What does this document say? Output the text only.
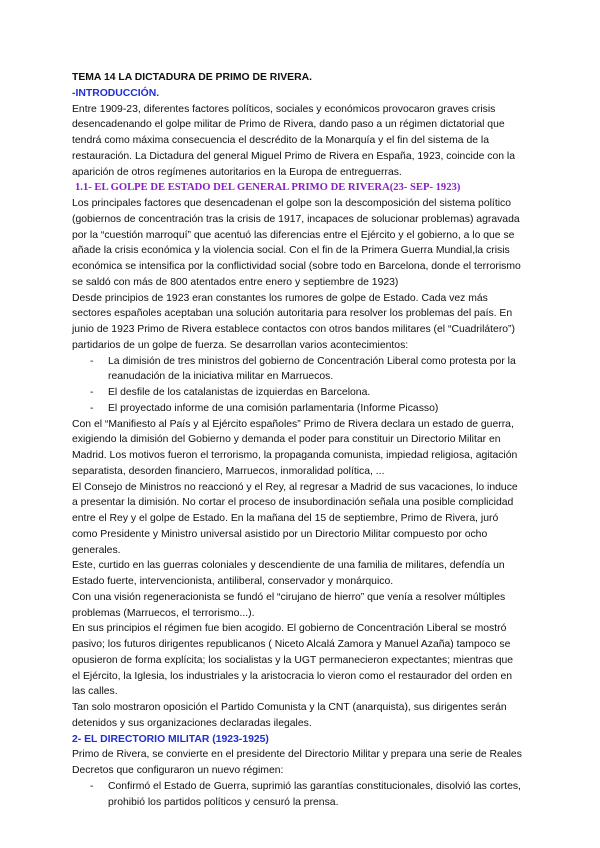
TEMA 14 LA DICTADURA DE PRIMO DE RIVERA.

-INTRODUCCIÓN.

Entre 1909-23, diferentes factores políticos, sociales y económicos provocaron graves crisis desencadenando el golpe militar de Primo de Rivera, dando paso a un régimen dictatorial que tendrá como máxima consecuencia el descrédito de la Monarquía y el fin del sistema de la restauración. La Dictadura del general Miguel Primo de Rivera en España, 1923, coincide con la aparición de otros regímenes autoritarios en la Europa de entreguerras.

1.1- EL GOLPE DE ESTADO DEL GENERAL PRIMO DE RIVERA(23- SEP- 1923)

Los principales factores que desencadenan el golpe son la descomposición del sistema político (gobiernos de concentración tras la crisis de 1917, incapaces de solucionar problemas) agravada por la “cuestión marroquí” que acentuó las diferencias entre el Ejército y el gobierno, a lo que se añade la crisis económica y la violencia social. Con el fin de la Primera Guerra Mundial,la crisis económica se intensifica por la conflictividad social (sobre todo en Barcelona, donde el terrorismo se saldó con más de 800 atentados entre enero y septiembre de 1923)

Desde principios de 1923 eran constantes los rumores de golpe de Estado. Cada vez más sectores españoles aceptaban una solución autoritaria para resolver los problemas del país. En junio de 1923 Primo de Rivera establece contactos con otros bandos militares (el “Cuadrilátero”) partidarios de un golpe de fuerza. Se desarrollan varios acontecimientos:

- La dimisión de tres ministros del gobierno de Concentración Liberal como protesta por la reanudación de la iniciativa militar en Marruecos.
- El desfile de los catalanistas de izquierdas en Barcelona.
- El proyectado informe de una comisión parlamentaria (Informe Picasso)

Con el “Manifiesto al País y al Ejército españoles” Primo de Rivera declara un estado de guerra, exigiendo la dimisión del Gobierno y demanda el poder para constituir un Directorio Militar en Madrid. Los motivos fueron el terrorismo, la propaganda comunista, impiedad religiosa, agitación separatista, desorden financiero, Marruecos, inmoralidad política, ...

El Consejo de Ministros no reaccionó y el Rey, al regresar a Madrid de sus vacaciones, lo induce a presentar la dimisión. No cortar el proceso de insubordinación señala una posible complicidad entre el Rey y el golpe de Estado. En la mañana del 15 de septiembre, Primo de Rivera, juró como Presidente y Ministro universal asistido por un Directorio Militar compuesto por ocho generales.

Este, curtido en las guerras coloniales y descendiente de una familia de militares, defendía un Estado fuerte, intervencionista, antiliberal, conservador y monárquico.

Con una visión regeneracionista se fundó el “cirujano de hierro” que venía a resolver múltiples problemas (Marruecos, el terrorismo...).

En sus principios el régimen fue bien acogido. El gobierno de Concentración Liberal se mostró pasivo; los futuros dirigentes republicanos ( Niceto Alcalá Zamora y Manuel Azaña) tampoco se opusieron de forma explícita; los socialistas y la UGT permanecieron expectantes; mientras que el Ejército, la Iglesia, los industriales y la aristocracia lo vieron como el restaurador del orden en las calles.

Tan solo mostraron oposición el Partido Comunista y la CNT (anarquista), sus dirigentes serán detenidos y sus organizaciones declaradas ilegales.

2- EL DIRECTORIO MILITAR (1923-1925)

Primo de Rivera, se convierte en el presidente del Directorio Militar y prepara una serie de Reales Decretos que configuraron un nuevo régimen:

- Confirmó el Estado de Guerra, suprimió las garantías constitucionales, disolvió las cortes, prohibió los partidos políticos y censuró la prensa.
